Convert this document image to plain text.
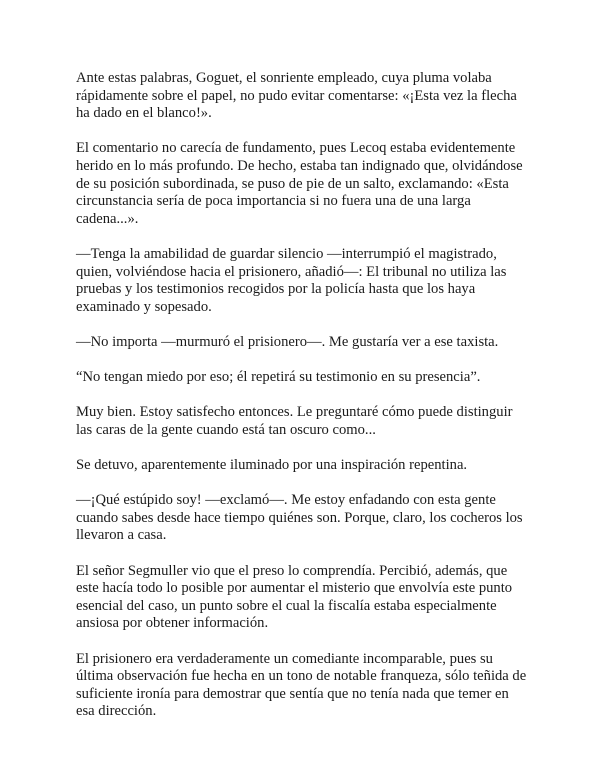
Ante estas palabras, Goguet, el sonriente empleado, cuya pluma volaba rápidamente sobre el papel, no pudo evitar comentarse: «¡Esta vez la flecha ha dado en el blanco!».

El comentario no carecía de fundamento, pues Lecoq estaba evidentemente herido en lo más profundo. De hecho, estaba tan indignado que, olvidándose de su posición subordinada, se puso de pie de un salto, exclamando: «Esta circunstancia sería de poca importancia si no fuera una de una larga cadena...».

—Tenga la amabilidad de guardar silencio —interrumpió el magistrado, quien, volviéndose hacia el prisionero, añadió—: El tribunal no utiliza las pruebas y los testimonios recogidos por la policía hasta que los haya examinado y sopesado.

—No importa —murmuró el prisionero—. Me gustaría ver a ese taxista.

“No tengan miedo por eso; él repetirá su testimonio en su presencia”.

Muy bien. Estoy satisfecho entonces. Le preguntaré cómo puede distinguir las caras de la gente cuando está tan oscuro como...

Se detuvo, aparentemente iluminado por una inspiración repentina.

—¡Qué estúpido soy! —exclamó—. Me estoy enfadando con esta gente cuando sabes desde hace tiempo quiénes son. Porque, claro, los cocheros los llevaron a casa.

El señor Segmuller vio que el preso lo comprendía. Percibió, además, que este hacía todo lo posible por aumentar el misterio que envolvía este punto esencial del caso, un punto sobre el cual la fiscalía estaba especialmente ansiosa por obtener información.

El prisionero era verdaderamente un comediante incomparable, pues su última observación fue hecha en un tono de notable franqueza, sólo teñida de suficiente ironía para demostrar que sentía que no tenía nada que temer en esa dirección.
